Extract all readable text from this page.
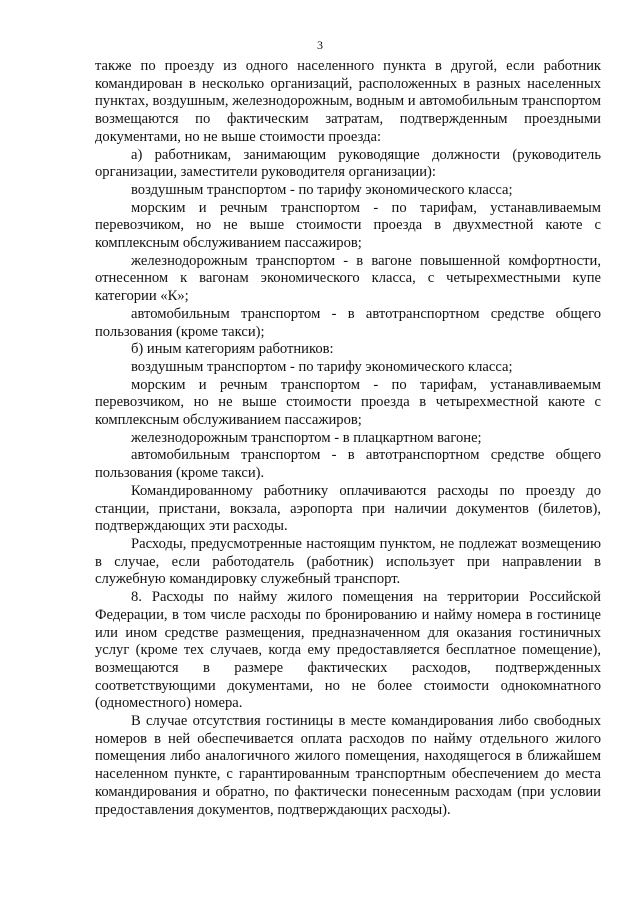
3

также по проезду из одного населенного пункта в другой, если работник командирован в несколько организаций, расположенных в разных населенных пунктах, воздушным, железнодорожным, водным и автомобильным транспортом возмещаются по фактическим затратам, подтвержденным проездными документами, но не выше стоимости проезда:

а) работникам, занимающим руководящие должности (руководитель организации, заместители руководителя организации):

воздушным транспортом - по тарифу экономического класса;

морским и речным транспортом - по тарифам, устанавливаемым перевозчиком, но не выше стоимости проезда в двухместной каюте с комплексным обслуживанием пассажиров;

железнодорожным транспортом - в вагоне повышенной комфортности, отнесенном к вагонам экономического класса, с четырехместными купе категории «К»;

автомобильным транспортом - в автотранспортном средстве общего пользования (кроме такси);

б) иным категориям работников:

воздушным транспортом - по тарифу экономического класса;

морским и речным транспортом - по тарифам, устанавливаемым перевозчиком, но не выше стоимости проезда в четырехместной каюте с комплексным обслуживанием пассажиров;

железнодорожным транспортом - в плацкартном вагоне;

автомобильным транспортом - в автотранспортном средстве общего пользования (кроме такси).

Командированному работнику оплачиваются расходы по проезду до станции, пристани, вокзала, аэропорта при наличии документов (билетов), подтверждающих эти расходы.

Расходы, предусмотренные настоящим пунктом, не подлежат возмещению в случае, если работодатель (работник) использует при направлении в служебную командировку служебный транспорт.

8. Расходы по найму жилого помещения на территории Российской Федерации, в том числе расходы по бронированию и найму номера в гостинице или ином средстве размещения, предназначенном для оказания гостиничных услуг (кроме тех случаев, когда ему предоставляется бесплатное помещение), возмещаются в размере фактических расходов, подтвержденных соответствующими документами, но не более стоимости однокомнатного (одноместного) номера.

В случае отсутствия гостиницы в месте командирования либо свободных номеров в ней обеспечивается оплата расходов по найму отдельного жилого помещения либо аналогичного жилого помещения, находящегося в ближайшем населенном пункте, с гарантированным транспортным обеспечением до места командирования и обратно, по фактически понесенным расходам (при условии предоставления документов, подтверждающих расходы).
